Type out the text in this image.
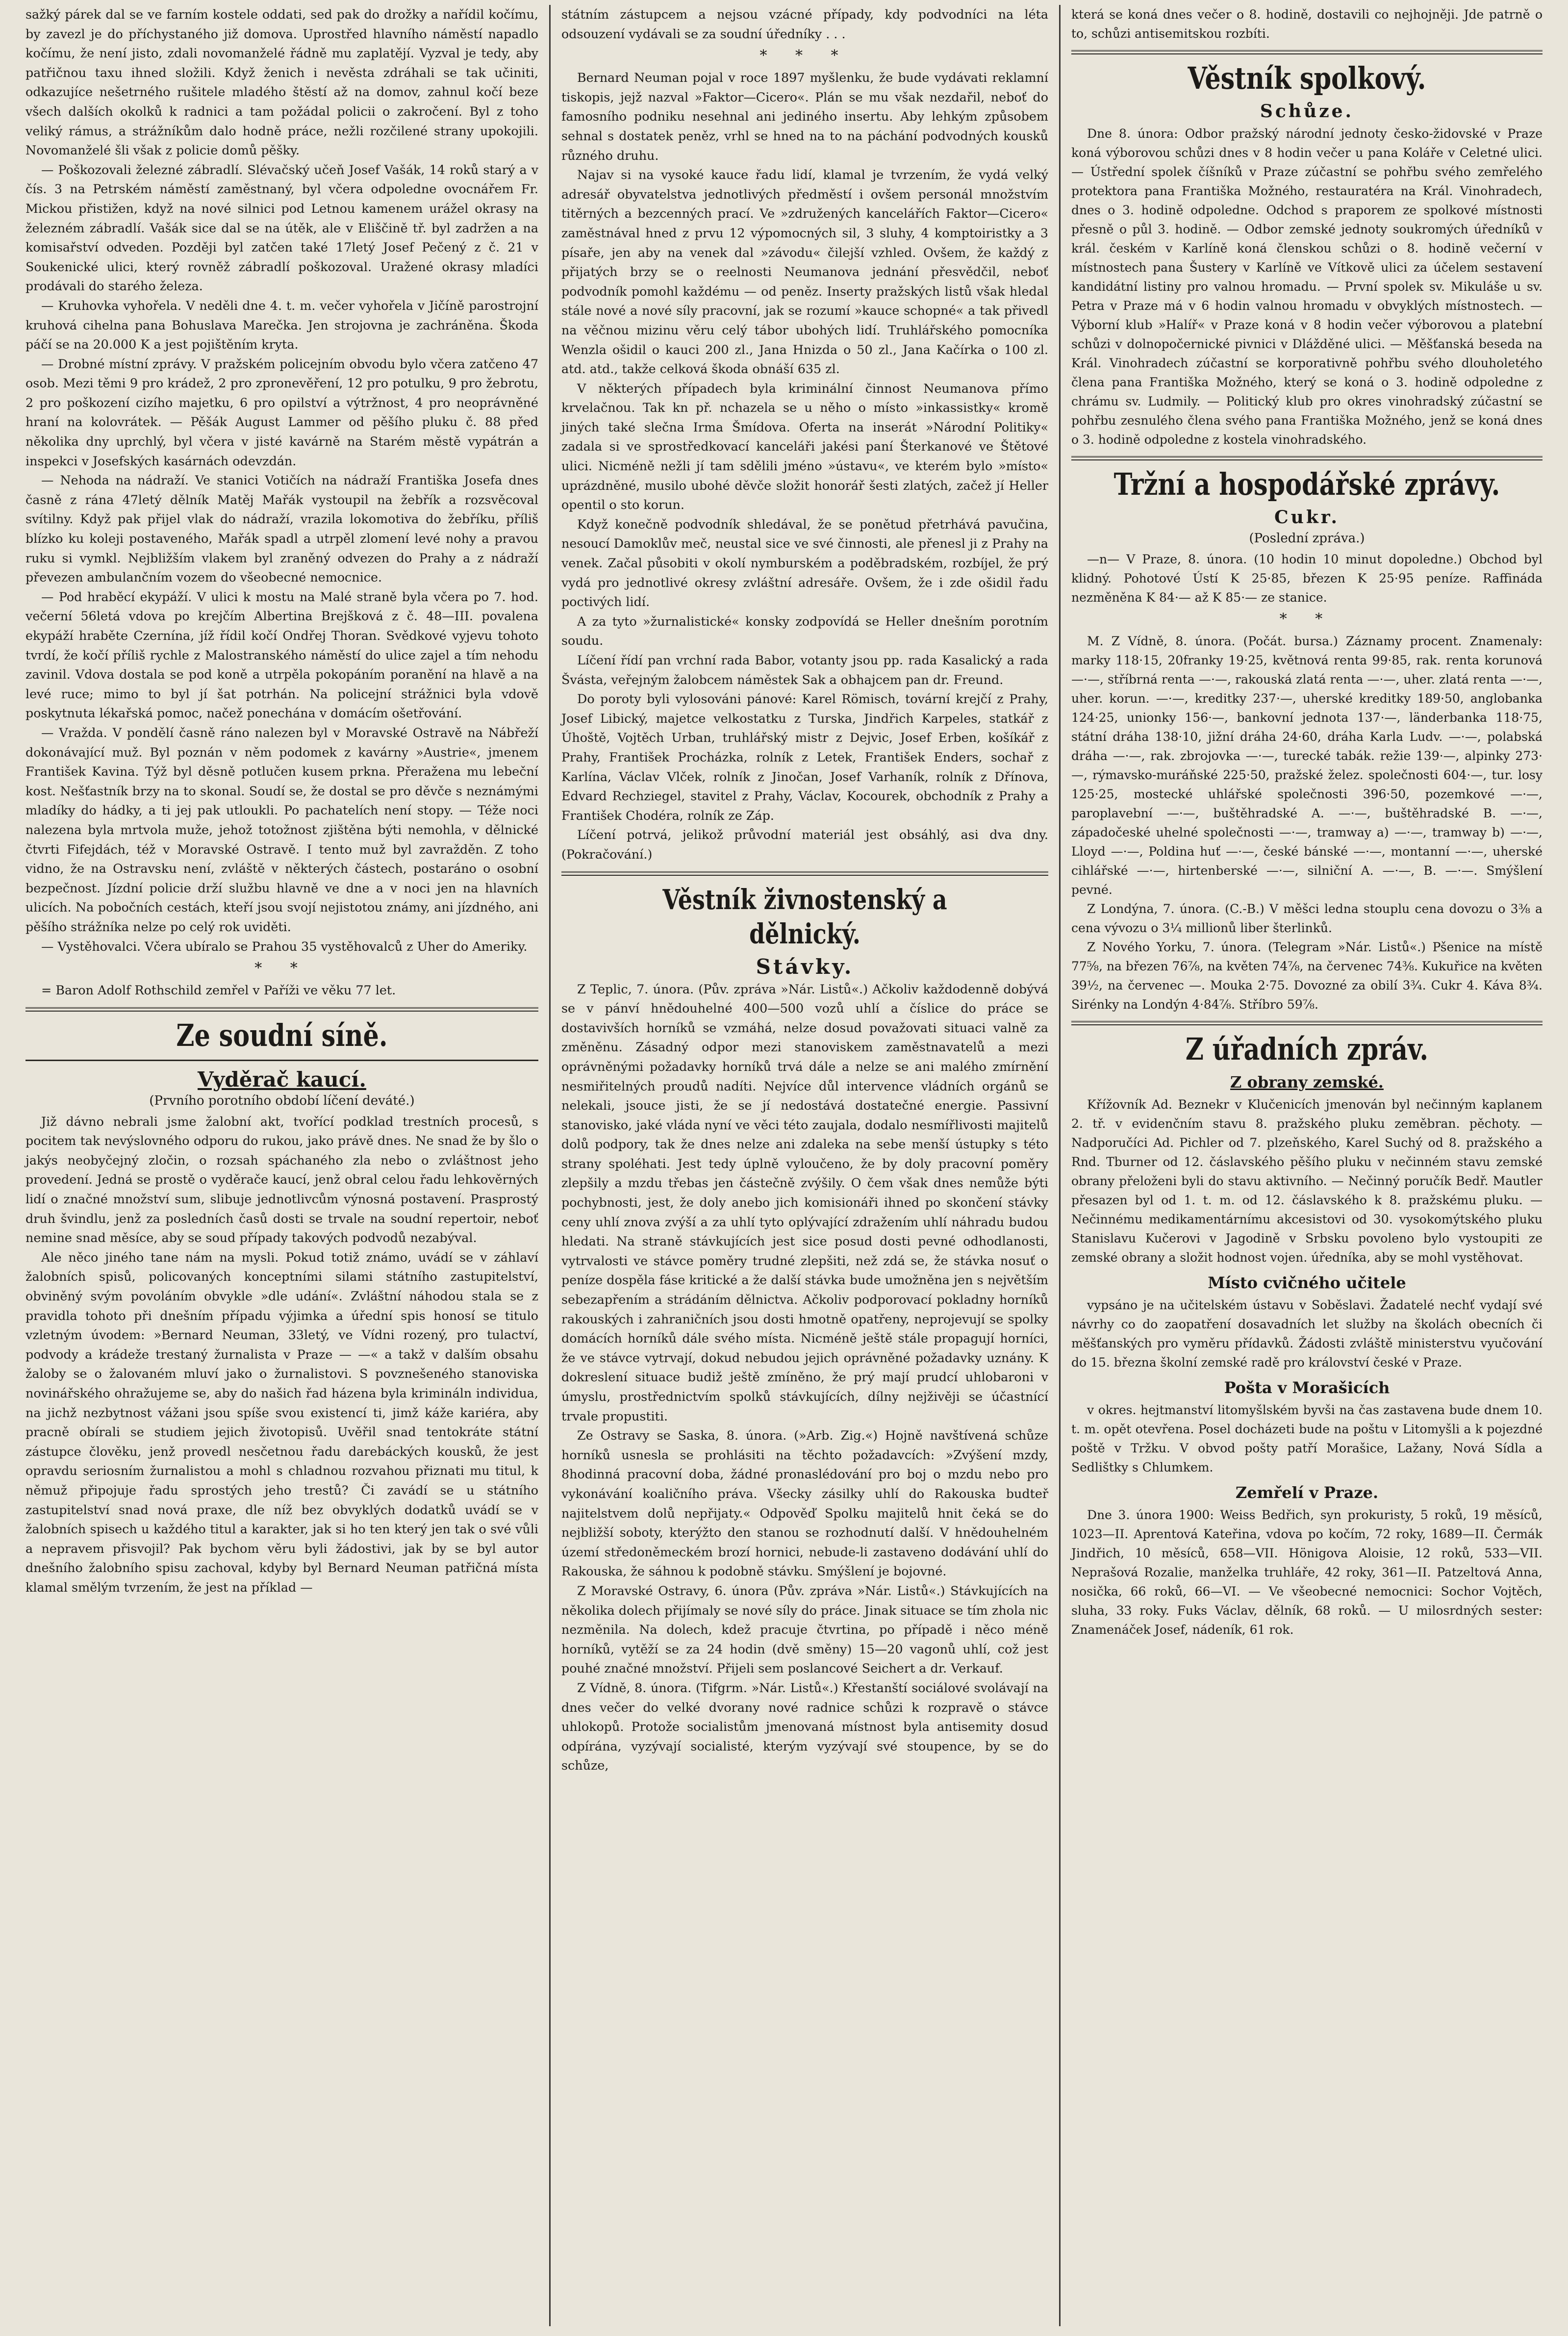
sažký párek dal se ve farním kostele oddati, sed pak do drožky a nařídil kočímu, by zavezl je do příchystaného již domova. Uprostřed hlavního náměstí napadlo kočímu, že není jisto, zdali novomanželé řádně mu zaplatějí. Vyzval je tedy, aby patřičnou taxu ihned složili. Když ženich i nevěsta zdráhali se tak učiniti, odkazujíce nešetrného rušitele mladého štěstí až na domov, zahnul kočí beze všech dalších okolků k radnici a tam požádal policii o zakročení. Byl z toho veliký rámus, a strážníkům dalo hodně práce, nežli rozčilené strany upokojili. Novomanželé šli však z policie domů pěšky.

— Poškozovali železné zábradlí. Slévačský učeň Josef Vašák, 14 roků starý a v čís. 3 na Petrském náměstí zaměstnaný, byl včera odpoledne ovocnářem Fr. Mickou přistižen, když na nové silnici pod Letnou kamenem urážel okrasy na železném zábradlí. Vašák sice dal se na útěk, ale v Eliščině tř. byl zadržen a na komisařství odveden. Později byl zatčen také 17letý Josef Pečený z č. 21 v Soukenické ulici, který rovněž zábradlí poškozoval. Uražené okrasy mladíci prodávali do starého železa.

— Kruhovka vyhořela. V neděli dne 4. t. m. večer vyhořela v Jičíně parostrojní kruhová cihelna pana Bohuslava Marečka. Jen strojovna je zachráněna. Škoda páčí se na 20.000 K a jest pojištěním kryta.

— Drobné místní zprávy. V pražském policejním obvodu bylo včera zatčeno 47 osob. Mezi těmi 9 pro krádež, 2 pro zpronevěření, 12 pro potulku, 9 pro žebrotu, 2 pro poškození cizího majetku, 6 pro opilství a výtržnost, 4 pro neoprávněné hraní na kolovrátek. — Pěšák August Lammer od pěšího pluku č. 88 před několika dny uprchlý, byl včera v jisté kavárně na Starém městě vypátrán a inspekci v Josefských kasárnách odevzdán.

— Nehoda na nádraží. Ve stanici Votičích na nádraží Františka Josefa dnes časně z rána 47letý dělník Matěj Mařák vystoupil na žebřík a rozsvěcoval svítilny. Když pak přijel vlak do nádraží, vrazila lokomotiva do žebříku, příliš blízko ku koleji postaveného, Mařák spadl a utrpěl zlomení levé nohy a pravou ruku si vymkl. Nejbližším vlakem byl zraněný odvezen do Prahy a z nádraží převezen ambulančním vozem do všeobecné nemocnice.

— Pod hraběcí ekypáží. V ulici k mostu na Malé straně byla včera po 7. hod. večerní 56letá vdova po krejčím Albertina Brejšková z č. 48—III. povalena ekypáží hraběte Czernína, jíž řídil kočí Ondřej Thoran. Svědkové vyjevu tohoto tvrdí, že kočí příliš rychle z Malostranského náměstí do ulice zajel a tím nehodu zavinil. Vdova dostala se pod koně a utrpěla pokopáním poranění na hlavě a na levé ruce; mimo to byl jí šat potrhán. Na policejní strážnici byla vdově poskytnuta lékařská pomoc, načež ponechána v domácím ošetřování.

— Vražda. V pondělí časně ráno nalezen byl v Moravské Ostravě na Nábřeží dokonávající muž. Byl poznán v něm podomek z kavárny »Austrie«, jmenem František Kavina. Týž byl děsně potlučen kusem prkna. Přeražena mu lebeční kost. Nešťastník brzy na to skonal. Soudí se, že dostal se pro děvče s neznámými mladíky do hádky, a ti jej pak utloukli. Po pachatelích není stopy. — Téže noci nalezena byla mrtvola muže, jehož totožnost zjištěna býti nemohla, v dělnické čtvrti Fifejdách, též v Moravské Ostravě. I tento muž byl zavražděn. Z toho vidno, že na Ostravsku není, zvláště v některých částech, postaráno o osobní bezpečnost. Jízdní policie drží službu hlavně ve dne a v noci jen na hlavních ulicích. Na pobočních cestách, kteří jsou svojí nejistotou známy, ani jízdného, ani pěšího strážníka nelze po celý rok uviděti.

— Vystěhovalci. Včera ubíralo se Prahou 35 vystěhovalců z Uher do Ameriky.

* *

= Baron Adolf Rothschild zemřel v Paříži ve věku 77 let.

Ze soudní síně.
Vyděrač kaucí.
(Prvního porotního období líčení deváté.)

Již dávno nebrali jsme žalobní akt, tvořící podklad trestních procesů, s pocitem tak nevýslovného odporu do rukou, jako právě dnes. Ne snad že by šlo o jakýs neobyčejný zločin, o rozsah spáchaného zla nebo o zvláštnost jeho provedení. Jedná se prostě o vyděrače kaucí, jenž obral celou řadu lehkověrných lidí o značné množství sum, slibuje jednotlivcům výnosná postavení. Prasprostý druh švindlu, jenž za posledních časů dosti se trvale na soudní repertoir, neboť nemine snad měsíce, aby se soud případy takových podvodů nezabýval.

Ale něco jiného tane nám na mysli. Pokud totiž známo, uvádí se v záhlaví žalobních spisů, policovaných konceptními silami státního zastupitelství, obviněný svým povoláním obvykle »dle udání«. Zvláštní náhodou stala se z pravidla tohoto při dnešním případu výjimka a úřední spis honosí se titulo vzletným úvodem: »Bernard Neuman, 33letý, ve Vídni rozený, pro tulactví, podvody a krádeže trestaný žurnalista v Praze — —« a takž v dalším obsahu žaloby se o žalovaném mluví jako o žurnalistovi. S povznešeného stanoviska novinářského ohražujeme se, aby do našich řad házena byla krimináln individua, na jichž nezbytnost vážani jsou spíše svou existencí ti, jimž káže kariéra, aby pracně obírali se studiem jejich životopisů. Uvěřil snad tentokráte státní zástupce člověku, jenž provedl nesčetnou řadu darebáckých kousků, že jest opravdu seriosním žurnalistou a mohl s chladnou rozvahou přiznati mu titul, k němuž připojuje řadu sprostých jeho trestů? Či zavádí se u státního zastupitelství snad nová praxe, dle níž bez obvyklých dodatků uvádí se v žalobních spisech u každého titul a karakter, jak si ho ten který jen tak o své vůli a nepravem přisvojil? Pak bychom věru byli žádostivi, jak by se byl autor dnešního žalobního spisu zachoval, kdyby byl Bernard Neuman patřičná místa klamal smělým tvrzením, že jest na příklad —

státním zástupcem a nejsou vzácné případy, kdy podvodníci na léta odsouzení vydávali se za soudní úředníky . . .

* * *

Bernard Neuman pojal v roce 1897 myšlenku, že bude vydávati reklamní tiskopis, jejž nazval »Faktor—Cicero«. Plán se mu však nezdařil, neboť do famosního podniku nesehnal ani jediného insertu. Aby lehkým způsobem sehnal s dostatek peněz, vrhl se hned na to na páchání podvodných kousků různého druhu.

Najav si na vysoké kauce řadu lidí, klamal je tvrzením, že vydá velký adresář obyvatelstva jednotlivých předměstí i ovšem personál množstvím titěrných a bezcenných prací. Ve »združených kancelářích Faktor—Cicero« zaměstnával hned z prvu 12 výpomocných sil, 3 sluhy, 4 komptoiristky a 3 písaře, jen aby na venek dal »závodu« čilejší vzhled. Ovšem, že každý z přijatých brzy se o reelnosti Neumanova jednání přesvědčil, neboť podvodník pomohl každému — od peněz. Inserty pražských listů však hledal stále nové a nové síly pracovní, jak se rozumí »kauce schopné« a tak přivedl na věčnou mizinu věru celý tábor ubohých lidí. Truhlářského pomocníka Wenzla ošidil o kauci 200 zl., Jana Hnizda o 50 zl., Jana Kačírka o 100 zl. atd. atd., takže celková škoda obnáší 635 zl.

V některých případech byla kriminální činnost Neumanova přímo krvelačnou. Tak kn př. nchazela se u něho o místo »inkassistky« kromě jiných také slečna Irma Šmídova. Oferta na inserát »Národní Politiky« zadala si ve sprostředkovací kanceláři jakési paní Šterkanové ve Štětové ulici. Nicméně nežli jí tam sdělili jméno »ústavu«, ve kterém bylo »místo« uprázdněné, musilo ubohé děvče složit honorář šesti zlatých, začež jí Heller opentil o sto korun.

Když konečně podvodník shledával, že se ponětud přetrhává pavučina, nesoucí Damoklův meč, neustal sice ve své činnosti, ale přenesl ji z Prahy na venek. Začal působiti v okolí nymburském a poděbradském, rozbíjel, že prý vydá pro jednotlivé okresy zvláštní adresáře. Ovšem, že i zde ošidil řadu poctivých lidí.

A za tyto »žurnalistické« konsky zodpovídá se Heller dnešním porotním soudu.

Líčení řídí pan vrchní rada Babor, votanty jsou pp. rada Kasalický a rada Švásta, veřejným žalobcem náměstek Sak a obhajcem pan dr. Freund.

Do poroty byli vylosováni pánové: Karel Römisch, tovární krejčí z Prahy, Josef Libický, majetce velkostatku z Turska, Jindřich Karpeles, statkář z Úhoště, Vojtěch Urban, truhlářský mistr z Dejvic, Josef Erben, košíkář z Prahy, František Procházka, rolník z Letek, František Enders, sochař z Karlína, Václav Vlček, rolník z Jinočan, Josef Varhaník, rolník z Dřínova, Edvard Rechziegel, stavitel z Prahy, Václav, Kocourek, obchodník z Prahy a František Chodéra, rolník ze Záp.

Líčení potrvá, jelikož průvodní materiál jest obsáhlý, asi dva dny. (Pokračování.)

Věstník živnostenský a dělnický.
Stávky.

Z Teplic, 7. února. (Pův. zpráva »Nár. Listů«.) Ačkoliv každodenně dobývá se v pánví hnědouhelné 400—500 vozů uhlí a číslice do práce se dostavivších horníků se vzmáhá, nelze dosud považovati situaci valně za změněnu. Zásadný odpor mezi stanoviskem zaměstnavatelů a mezi oprávněnými požadavky horníků trvá dále a nelze se ani malého zmírnění nesmiřitelných proudů nadíti. Nejvíce důl intervence vládních orgánů se nelekali, jsouce jisti, že se jí nedostává dostatečné energie. Passivní stanovisko, jaké vláda nyní ve věci této zaujala, dodalo nesmířlivosti majitelů dolů podpory, tak že dnes nelze ani zdaleka na sebe menší ústupky s této strany spoléhati. Jest tedy úplně vyloučeno, že by doly pracovní poměry zlepšily a mzdu třebas jen částečně zvýšily. O čem však dnes nemůže býti pochybnosti, jest, že doly anebo jich komisionáři ihned po skončení stávky ceny uhlí znova zvýší a za uhlí tyto oplývající zdražením uhlí náhradu budou hledati. Na straně stávkujících jest sice posud dosti pevné odhodlanosti, vytrvalosti ve stávce poměry trudné zlepšiti, než zdá se, že stávka nosuť o peníze dospěla fáse kritické a že další stávka bude umožněna jen s největším sebezapřením a strádáním dělnictva. Ačkoliv podporovací pokladny horníků rakouských i zahraničních jsou dosti hmotně opatřeny, neprojevují se spolky domácích horníků dále svého místa. Nicméně ještě stále propagují horníci, že ve stávce vytrvají, dokud nebudou jejich oprávněné požadavky uznány. K dokreslení situace budiž ještě zmíněno, že prý mají prudcí uhlobaroni v úmyslu, prostřednictvím spolků stávkujících, dílny nejživěji se účastnící trvale propustiti.

Ze Ostravy se Saska, 8. února. (»Arb. Zig.«) Hojně navštívená schůze horníků usnesla se prohlásiti na těchto požadavcích: »Zvýšení mzdy, 8hodinná pracovní doba, žádné pronaslédování pro boj o mzdu nebo pro vykonávání koaličního práva. Všecky zásilky uhlí do Rakouska budteř najitelstvem dolů nepřijaty.« Odpověď Spolku majitelů hnit čeká se do nejbližší soboty, kterýžto den stanou se rozhodnutí další. V hnědouhelném území středoněmeckém brozí hornici, nebude-li zastaveno dodávání uhlí do Rakouska, že sáhnou k podobně stávku. Smýšlení je bojovné.

Z Moravské Ostravy, 6. února (Pův. zpráva »Nár. Listů«.) Stávkujících na několika dolech přijímaly se nové síly do práce. Jinak situace se tím zhola nic nezměnila. Na dolech, kdež pracuje čtvrtina, po případě i něco méně horníků, vytěží se za 24 hodin (dvě směny) 15—20 vagonů uhlí, což jest pouhé značné množství. Přijeli sem poslancové Seichert a dr. Verkauf.

Z Vídně, 8. února. (Tifgrm. »Nár. Listů«.) Křestanští sociálové svolávají na dnes večer do velké dvorany nové radnice schůzi k rozpravě o stávce uhlokopů. Protože socialistům jmenovaná místnost byla antisemity dosud odpírána, vyzývají socialisté, kterým vyzývají své stoupence, by se do schůze,

která se koná dnes večer o 8. hodině, dostavili co nejhojněji. Jde patrně o to, schůzi antisemitskou rozbíti.

Věstník spolkový.
Schůze.

Dne 8. února: Odbor pražský národní jednoty česko-židovské v Praze koná výborovou schůzi dnes v 8 hodin večer u pana Koláře v Celetné ulici. — Ústřední spolek číšníků v Praze zúčastní se pohřbu svého zemřelého protektora pana Františka Možného, restauratéra na Král. Vinohradech, dnes o 3. hodině odpoledne. Odchod s praporem ze spolkové místnosti přesně o půl 3. hodině. — Odbor zemské jednoty soukromých úředníků v král. českém v Karlíně koná členskou schůzi o 8. hodině večerní v místnostech pana Šustery v Karlíně ve Vítkově ulici za účelem sestavení kandidátní listiny pro valnou hromadu. — První spolek sv. Mikuláše u sv. Petra v Praze má v 6 hodin valnou hromadu v obvyklých místnostech. — Výborní klub »Halíř« v Praze koná v 8 hodin večer výborovou a platební schůzi v dolnopočernické pivnici v Dlážděné ulici. — Měšťanská beseda na Král. Vinohradech zúčastní se korporativně pohřbu svého dlouholetého člena pana Františka Možného, který se koná o 3. hodině odpoledne z chrámu sv. Ludmily. — Politický klub pro okres vinohradský zúčastní se pohřbu zesnulého člena svého pana Františka Možného, jenž se koná dnes o 3. hodině odpoledne z kostela vinohradského.

Tržní a hospodářské zprávy.
Cukr.
(Poslední zpráva.)

—n— V Praze, 8. února. (10 hodin 10 minut dopoledne.) Obchod byl klidný. Pohotové Ústí K 25·85, březen K 25·95 peníze. Raffináda nezměněna K 84·— až K 85·— ze stanice.

* *

M. Z Vídně, 8. února. (Počát. bursa.) Záznamy procent. Znamenaly: marky 118·15, 20franky 19·25, květnová renta 99·85, rak. renta korunová —·—, stříbrná renta —·—, rakouská zlatá renta —·—, uher. zlatá renta —·—, uher. korun. —·—, kreditky 237·—, uherské kreditky 189·50, anglobanka 124·25, unionky 156·—, bankovní jednota 137·—, länderbanka 118·75, státní dráha 138·10, jižní dráha 24·60, dráha Karla Ludv. —·—, polabská dráha —·—, rak. zbrojovka —·—, turecké tabák. režie 139·—, alpinky 273·—, rýmavsko-muráňské 225·50, pražské želez. společnosti 604·—, tur. losy 125·25, mostecké uhlářské společnosti 396·50, pozemkové —·—, paroplavební —·—, buštěhradské A. —·—, buštěhradské B. —·—, západočeské uhelné společnosti —·—, tramway a) —·—, tramway b) —·—, Lloyd —·—, Poldina huť —·—, české bánské —·—, montanní —·—, uherské cihlářské —·—, hirtenberské —·—, silniční A. —·—, B. —·—. Smýšlení pevné.

Z Londýna, 7. února. (C.-B.) V měšci ledna stouplu cena dovozu o 3⅜ a cena vývozu o 3¼ millionů liber šterlinků.

Z Nového Yorku, 7. února. (Telegram »Nár. Listů«.) Pšenice na místě 77⅝, na březen 76⅞, na květen 74⅞, na červenec 74⅜. Kukuřice na květen 39½, na červenec —. Mouka 2·75. Dovozné za obilí 3¾. Cukr 4. Káva 8¾. Sirénky na Londýn 4·84⅞. Stříbro 59⅞.

Z úřadních zpráv.
Z obrany zemské.

Křížovník Ad. Beznekr v Klučenicích jmenován byl nečinným kaplanem 2. tř. v evidenčním stavu 8. pražského pluku zeměbran. pěchoty. — Nadporučíci Ad. Pichler od 7. plzeňského, Karel Suchý od 8. pražského a Rnd. Tburner od 12. čáslavského pěšího pluku v nečinném stavu zemské obrany přeloženi byli do stavu aktivního. — Nečinný poručík Bedř. Mautler přesazen byl od 1. t. m. od 12. čáslavského k 8. pražskému pluku. — Nečinnému medikamentárnímu akcesistovi od 30. vysokomýtského pluku Stanislavu Kučerovi v Jagodině v Srbsku povoleno bylo vystoupiti ze zemské obrany a složit hodnost vojen. úředníka, aby se mohl vystěhovat.

Místo cvičného učitele

vypsáno je na učitelském ústavu v Soběslavi. Žadatelé nechť vydají své návrhy co do zaopatření dosavadních let služby na školách obecních či měšťanských pro vyměru přídavků. Žádosti zvláště ministerstvu vyučování do 15. března školní zemské radě pro království české v Praze.

Pošta v Morašicích

v okres. hejtmanství litomyšlském byvši na čas zastavena bude dnem 10. t. m. opět otevřena. Posel docházeti bude na poštu v Litomyšli a k pojezdné poště v Tržku. V obvod pošty patří Morašice, Lažany, Nová Sídla a Sedlištky s Chlumkem.

Zemřelí v Praze.

Dne 3. února 1900: Weiss Bedřich, syn prokuristy, 5 roků, 19 měsíců, 1023—II. Aprentová Kateřina, vdova po kočím, 72 roky, 1689—II. Čermák Jindřich, 10 měsíců, 658—VII. Hönigova Aloisie, 12 roků, 533—VII. Neprašová Rozalie, manželka truhláře, 42 roky, 361—II. Patzeltová Anna, nosička, 66 roků, 66—VI. — Ve všeobecné nemocnici: Sochor Vojtěch, sluha, 33 roky. Fuks Václav, dělník, 68 roků. — U milosrdných sester: Znamenáček Josef, nádeník, 61 rok.
